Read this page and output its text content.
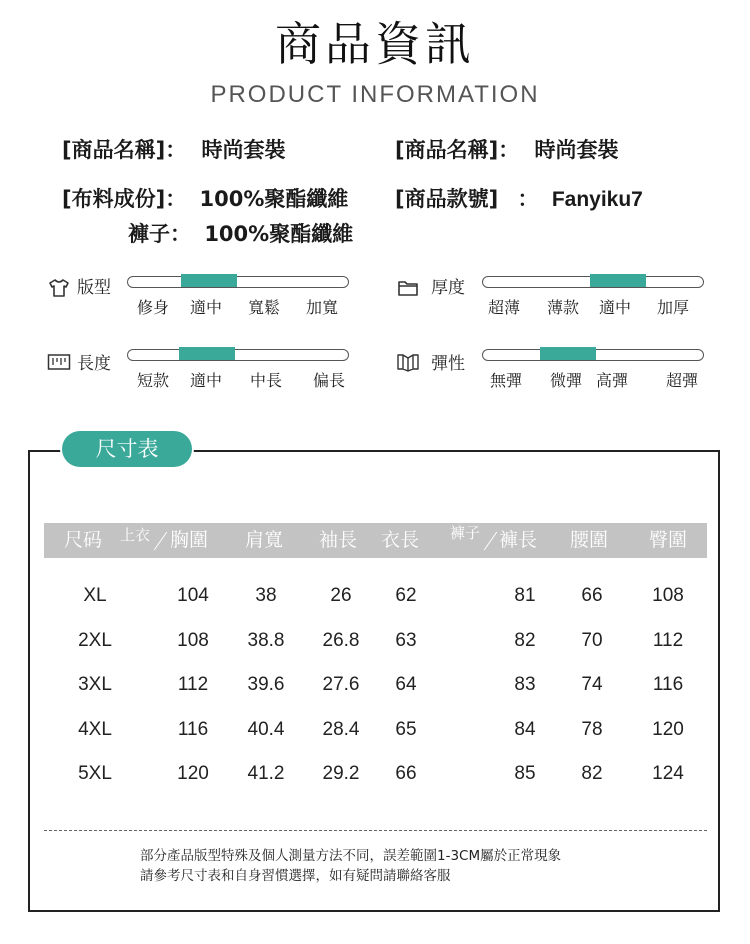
商品資訊
PRODUCT INFORMATION
[商品名稱]： 時尚套裝	[商品名稱]： 時尚套裝
[布料成份]： 100%聚酯纖維
褲子： 100%聚酯纖維
[商品款號] ： Fanyiku7
版型
修身 適中 寬鬆 加寬
厚度
超薄 薄款 適中 加厚
長度
短款 適中 中長 偏長
彈性
無彈 微彈 高彈 超彈
尺寸表
尺码 上衣 胸圍 肩寬 袖長 衣長 褲子 褲長 腰圍 臀圍
XL	104	38	26	62	81	66	108
2XL	108	38.8	26.8	63	82	70	112
3XL	112	39.6	27.6	64	83	74	116
4XL	116	40.4	28.4	65	84	78	120
5XL	120	41.2	29.2	66	85	82	124
部分產品版型特殊及個人測量方法不同，誤差範圍1-3CM屬於正常現象
請參考尺寸表和自身習慣選擇，如有疑問請聯絡客服
